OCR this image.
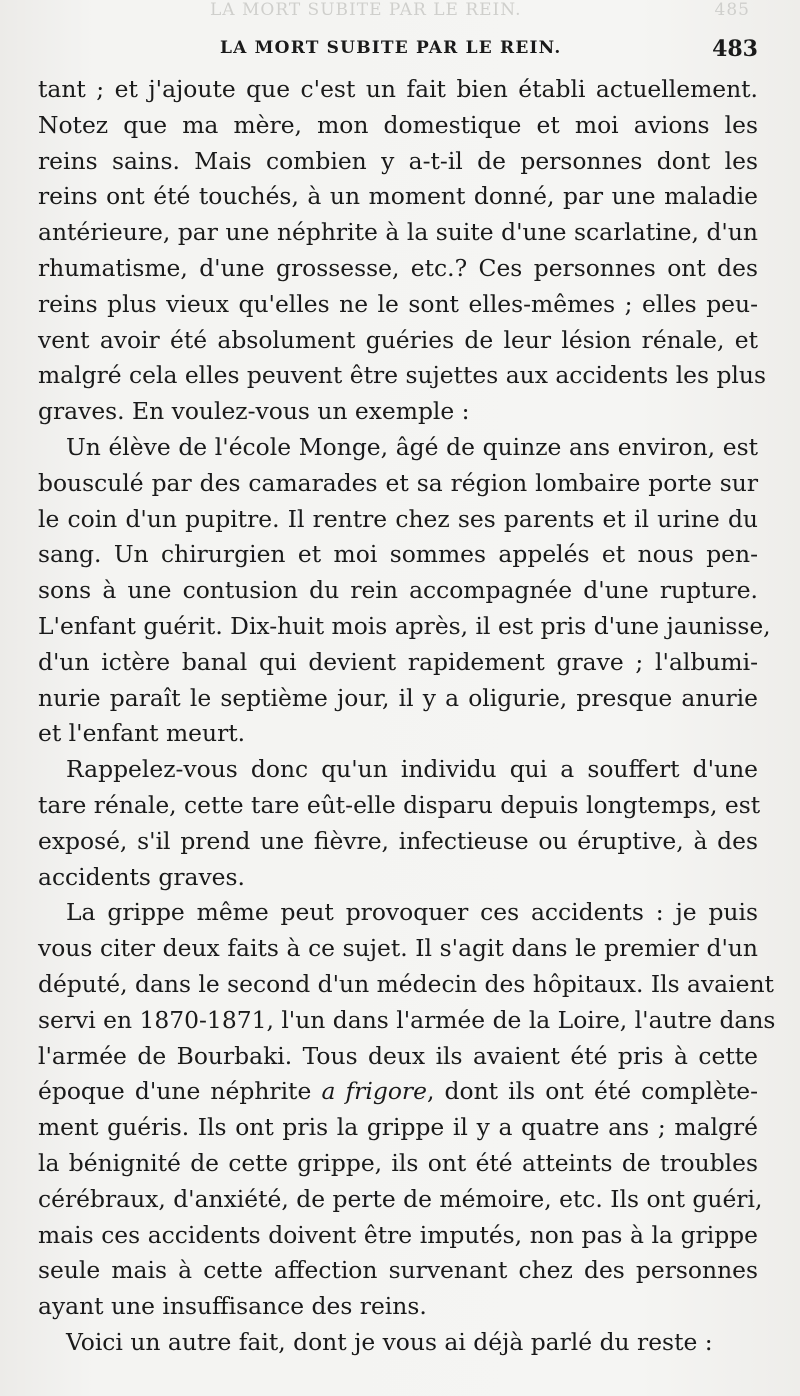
LA MORT SUBITE PAR LE REIN.	485
LA MORT SUBITE PAR LE REIN.	483
tant ; et j'ajoute que c'est un fait bien établi actuellement.
Notez que ma mère, mon domestique et moi avions les
reins sains. Mais combien y a-t-il de personnes dont les
reins ont été touchés, à un moment donné, par une maladie
antérieure, par une néphrite à la suite d'une scarlatine, d'un
rhumatisme, d'une grossesse, etc.? Ces personnes ont des
reins plus vieux qu'elles ne le sont elles-mêmes ; elles peu-
vent avoir été absolument guéries de leur lésion rénale, et
malgré cela elles peuvent être sujettes aux accidents les plus
graves. En voulez-vous un exemple :
Un élève de l'école Monge, âgé de quinze ans environ, est
bousculé par des camarades et sa région lombaire porte sur
le coin d'un pupitre. Il rentre chez ses parents et il urine du
sang. Un chirurgien et moi sommes appelés et nous pen-
sons à une contusion du rein accompagnée d'une rupture.
L'enfant guérit. Dix-huit mois après, il est pris d'une jaunisse,
d'un ictère banal qui devient rapidement grave ; l'albumi-
nurie paraît le septième jour, il y a oligurie, presque anurie
et l'enfant meurt.
Rappelez-vous donc qu'un individu qui a souffert d'une
tare rénale, cette tare eût-elle disparu depuis longtemps, est
exposé, s'il prend une fièvre, infectieuse ou éruptive, à des
accidents graves.
La grippe même peut provoquer ces accidents : je puis
vous citer deux faits à ce sujet. Il s'agit dans le premier d'un
député, dans le second d'un médecin des hôpitaux. Ils avaient
servi en 1870-1871, l'un dans l'armée de la Loire, l'autre dans
l'armée de Bourbaki. Tous deux ils avaient été pris à cette
époque d'une néphrite a frigore, dont ils ont été complète-
ment guéris. Ils ont pris la grippe il y a quatre ans ; malgré
la bénignité de cette grippe, ils ont été atteints de troubles
cérébraux, d'anxiété, de perte de mémoire, etc. Ils ont guéri,
mais ces accidents doivent être imputés, non pas à la grippe
seule mais à cette affection survenant chez des personnes
ayant une insuffisance des reins.
Voici un autre fait, dont je vous ai déjà parlé du reste :
